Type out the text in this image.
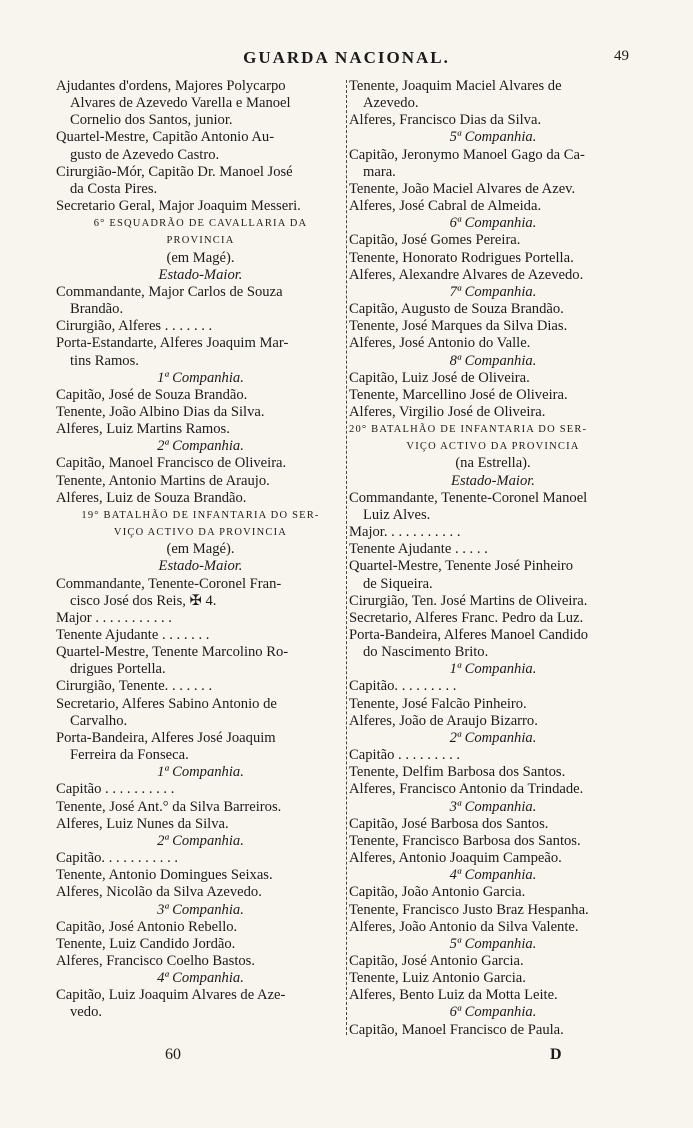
GUARDA NACIONAL.	49
Ajudantes d'ordens, Majores Polycarpo
Alvares de Azevedo Varella e Manoel
Cornelio dos Santos, junior.
Quartel-Mestre, Capitão Antonio Au-
gusto de Azevedo Castro.
Cirurgião-Mór, Capitão Dr. Manoel José
da Costa Pires.
Secretario Geral, Major Joaquim Messeri.
6° ESQUADRÃO DE CAVALLARIA DA
PROVINCIA
(em Magé).
Estado-Maior.
Commandante, Major Carlos de Souza
Brandão.
Cirurgião, Alferes . . . . . . .
Porta-Estandarte, Alferes Joaquim Mar-
tins Ramos.
1ª Companhia.
Capitão, José de Souza Brandão.
Tenente, João Albino Dias da Silva.
Alferes, Luiz Martins Ramos.
2ª Companhia.
Capitão, Manoel Francisco de Oliveira.
Tenente, Antonio Martins de Araujo.
Alferes, Luiz de Souza Brandão.
19° BATALHÃO DE INFANTARIA DO SER-
VIÇO ACTIVO DA PROVINCIA
(em Magé).
Estado-Maior.
Commandante, Tenente-Coronel Fran-
cisco José dos Reis, ✠ 4.
Major . . . . . . . . . . .
Tenente Ajudante . . . . . . .
Quartel-Mestre, Tenente Marcolino Ro-
drigues Portella.
Cirurgião, Tenente. . . . . . .
Secretario, Alferes Sabino Antonio de
Carvalho.
Porta-Bandeira, Alferes José Joaquim
Ferreira da Fonseca.
1ª Companhia.
Capitão . . . . . . . . . .
Tenente, José Ant.° da Silva Barreiros.
Alferes, Luiz Nunes da Silva.
2ª Companhia.
Capitão. . . . . . . . . . .
Tenente, Antonio Domingues Seixas.
Alferes, Nicolão da Silva Azevedo.
3ª Companhia.
Capitão, José Antonio Rebello.
Tenente, Luiz Candido Jordão.
Alferes, Francisco Coelho Bastos.
4ª Companhia.
Capitão, Luiz Joaquim Alvares de Aze-
vedo.
Tenente, Joaquim Maciel Alvares de
Azevedo.
Alferes, Francisco Dias da Silva.
5ª Companhia.
Capitão, Jeronymo Manoel Gago da Ca-
mara.
Tenente, João Maciel Alvares de Azev.
Alferes, José Cabral de Almeida.
6ª Companhia.
Capitão, José Gomes Pereira.
Tenente, Honorato Rodrigues Portella.
Alferes, Alexandre Alvares de Azevedo.
7ª Companhia.
Capitão, Augusto de Souza Brandão.
Tenente, José Marques da Silva Dias.
Alferes, José Antonio do Valle.
8ª Companhia.
Capitão, Luiz José de Oliveira.
Tenente, Marcellino José de Oliveira.
Alferes, Virgilio José de Oliveira.
20° BATALHÃO DE INFANTARIA DO SER-
VIÇO ACTIVO DA PROVINCIA
(na Estrella).
Estado-Maior.
Commandante, Tenente-Coronel Manoel
Luiz Alves.
Major. . . . . . . . . . .
Tenente Ajudante . . . . .
Quartel-Mestre, Tenente José Pinheiro
de Siqueira.
Cirurgião, Ten. José Martins de Oliveira.
Secretario, Alferes Franc. Pedro da Luz.
Porta-Bandeira, Alferes Manoel Candido
do Nascimento Brito.
1ª Companhia.
Capitão. . . . . . . . .
Tenente, José Falcão Pinheiro.
Alferes, João de Araujo Bizarro.
2ª Companhia.
Capitão . . . . . . . . .
Tenente, Delfim Barbosa dos Santos.
Alferes, Francisco Antonio da Trindade.
3ª Companhia.
Capitão, José Barbosa dos Santos.
Tenente, Francisco Barbosa dos Santos.
Alferes, Antonio Joaquim Campeão.
4ª Companhia.
Capitão, João Antonio Garcia.
Tenente, Francisco Justo Braz Hespanha.
Alferes, João Antonio da Silva Valente.
5ª Companhia.
Capitão, José Antonio Garcia.
Tenente, Luiz Antonio Garcia.
Alferes, Bento Luiz da Motta Leite.
6ª Companhia.
Capitão, Manoel Francisco de Paula.
60	D
